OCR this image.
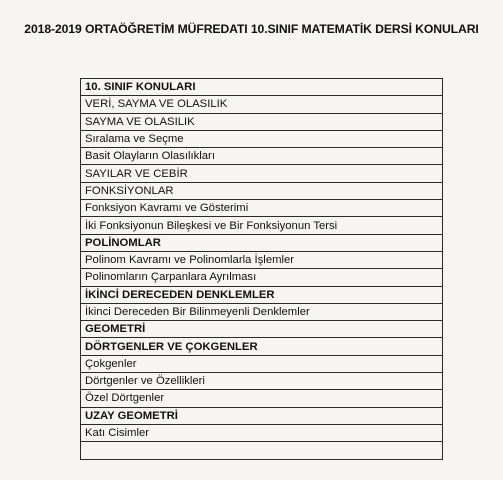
2018-2019 ORTAÖĞRETİM MÜFREDATI 10.SINIF MATEMATİK DERSİ KONULARI
10. SINIF KONULARI
VERİ, SAYMA VE OLASILIK
SAYMA VE OLASILIK
Sıralama ve Seçme
Basit Olayların Olasılıkları
SAYILAR VE CEBİR
FONKSİYONLAR
Fonksiyon Kavramı ve Gösterimi
İki Fonksiyonun Bileşkesi ve Bir Fonksiyonun Tersi
POLİNOMLAR
Polinom Kavramı ve Polinomlarla İşlemler
Polinomların Çarpanlara Ayrılması
İKİNCİ DERECEDEN DENKLEMLER
İkinci Dereceden Bir Bilinmeyenli Denklemler
GEOMETRİ
DÖRTGENLER VE ÇOKGENLER
Çokgenler
Dörtgenler ve Özellikleri
Özel Dörtgenler
UZAY GEOMETRİ
Katı Cisimler
